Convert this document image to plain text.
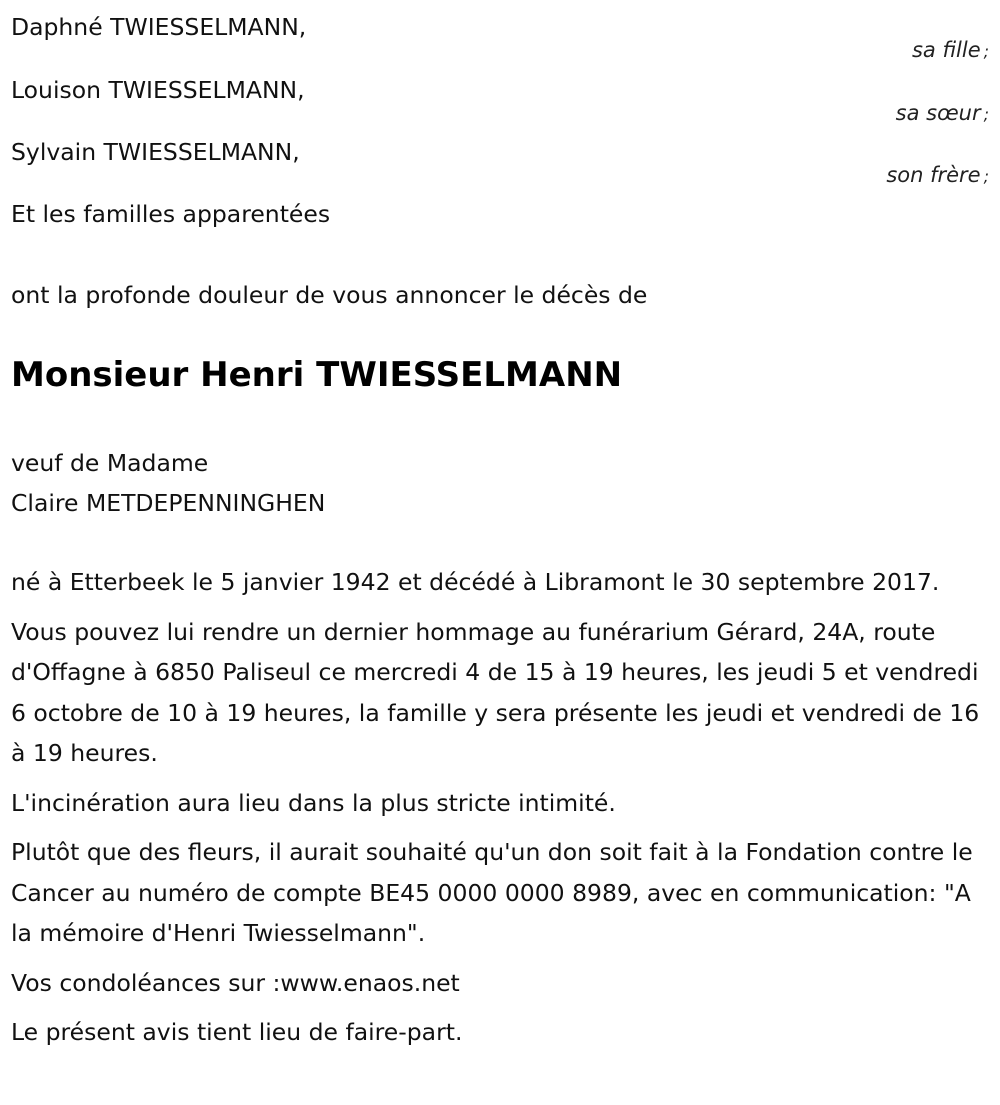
Daphné TWIESSELMANN,
sa fille ;
Louison TWIESSELMANN,
sa sœur ;
Sylvain TWIESSELMANN,
son frère ;
Et les familles apparentées
ont la profonde douleur de vous annoncer le décès de
Monsieur Henri TWIESSELMANN
veuf de Madame
Claire METDEPENNINGHEN

né à Etterbeek le 5 janvier 1942 et décédé à Libramont le 30 septembre 2017.

Vous pouvez lui rendre un dernier hommage au funérarium Gérard, 24A, route d'Offagne à 6850 Paliseul ce mercredi 4 de 15 à 19 heures, les jeudi 5 et vendredi 6 octobre de 10 à 19 heures, la famille y sera présente les jeudi et vendredi de 16 à 19 heures.

L'incinération aura lieu dans la plus stricte intimité.

Plutôt que des fleurs, il aurait souhaité qu'un don soit fait à la Fondation contre le Cancer au numéro de compte BE45 0000 0000 8989, avec en communication: "A la mémoire d'Henri Twiesselmann".

Vos condoléances sur :www.enaos.net

Le présent avis tient lieu de faire-part.
